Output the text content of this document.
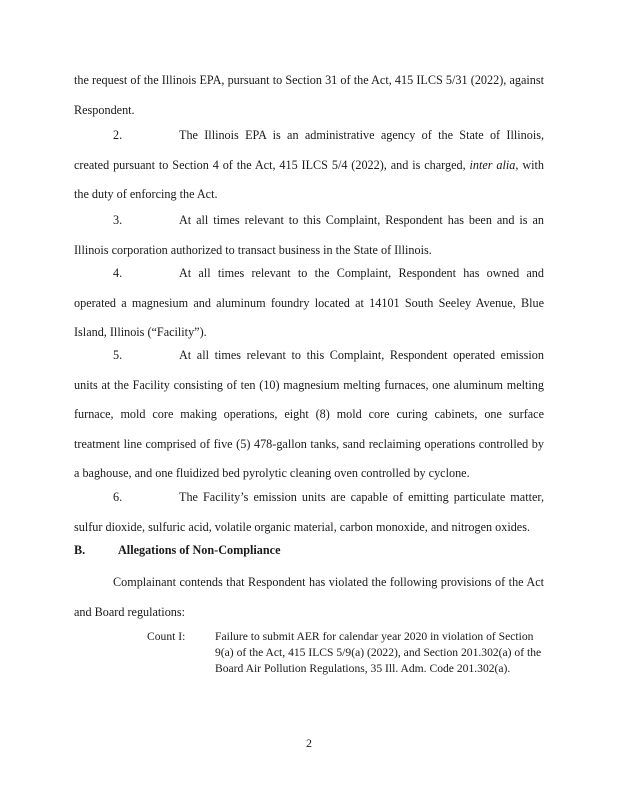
the request of the Illinois EPA, pursuant to Section 31 of the Act, 415 ILCS 5/31 (2022), against
Respondent.

2.	The Illinois EPA is an administrative agency of the State of Illinois, created pursuant to Section 4 of the Act, 415 ILCS 5/4 (2022), and is charged, inter alia, with the duty of enforcing the Act.

3.	At all times relevant to this Complaint, Respondent has been and is an Illinois corporation authorized to transact business in the State of Illinois.

4.	At all times relevant to the Complaint, Respondent has owned and operated a magnesium and aluminum foundry located at 14101 South Seeley Avenue, Blue Island, Illinois (“Facility”).

5.	At all times relevant to this Complaint, Respondent operated emission units at the Facility consisting of ten (10) magnesium melting furnaces, one aluminum melting furnace, mold core making operations, eight (8) mold core curing cabinets, one surface treatment line comprised of five (5) 478-gallon tanks, sand reclaiming operations controlled by a baghouse, and one fluidized bed pyrolytic cleaning oven controlled by cyclone.

6.	The Facility’s emission units are capable of emitting particulate matter, sulfur dioxide, sulfuric acid, volatile organic material, carbon monoxide, and nitrogen oxides.

B.	Allegations of Non-Compliance

Complainant contends that Respondent has violated the following provisions of the Act and Board regulations:

Count I:	Failure to submit AER for calendar year 2020 in violation of Section 9(a) of the Act, 415 ILCS 5/9(a) (2022), and Section 201.302(a) of the Board Air Pollution Regulations, 35 Ill. Adm. Code 201.302(a).

2
